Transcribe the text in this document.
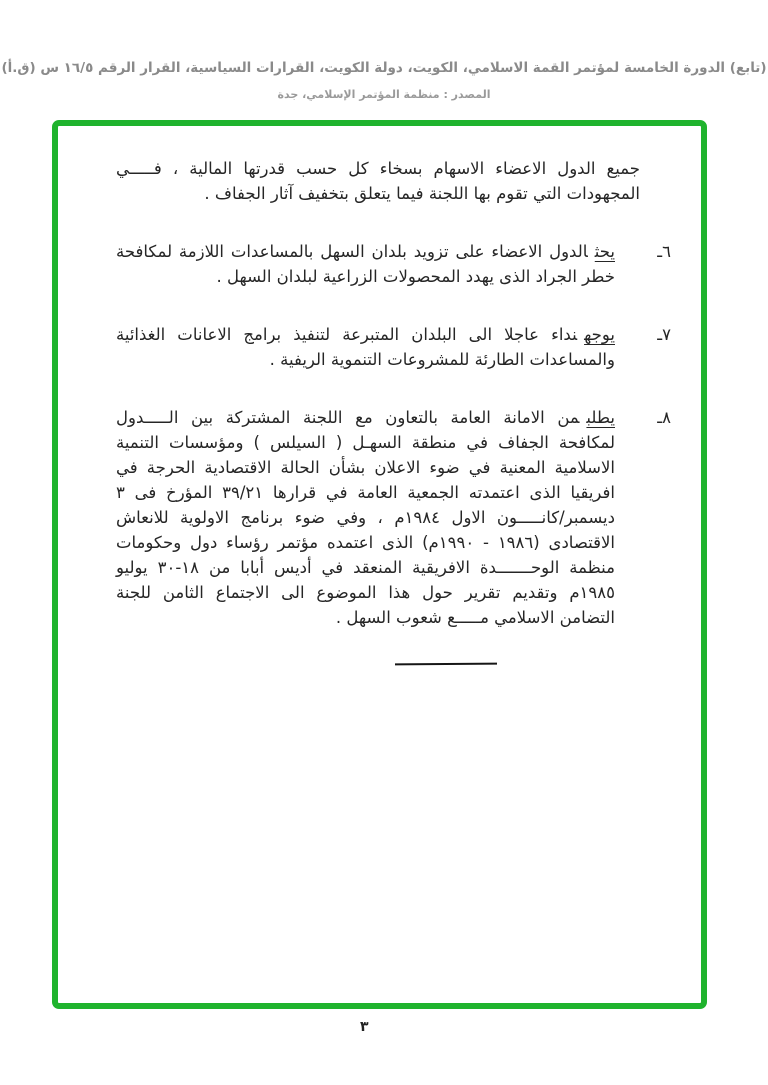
(تابع) الدورة الخامسة لمؤتمر القمة الاسلامي، الكويت، دولة الكويت، القرارات السياسية، القرار الرقم ١٦/٥ س (ق.أ)
المصدر : منظمة المؤتمر الإسلامي، جدة
جميع الدول الاعضاء الاسهام بسخاء كل حسب قدرتها المالية ، فـــــي المجهودات التي تقوم بها اللجنة فيما يتعلق بتخفيف آثار الجفاف .
٦ـ
يحثالدول الاعضاء على تزويد بلدان السهل بالمساعدات اللازمة لمكافحة خطر الجراد الذى يهدد المحصولات الزراعية لبلدان السهل .
٧ـ
يوجهنداء عاجلا الى البلدان المتبرعة لتنفيذ برامج الاعانات الغذائية والمساعدات الطارئة للمشروعات التنموية الريفية .
٨ـ
يطلبمن الامانة العامة بالتعاون مع اللجنة المشتركة بين الـــــدول لمكافحة الجفاف في منطقة السهـل ( السيلس ) ومؤسسات التنمية الاسلامية المعنية في ضوء الاعلان بشأن الحالة الاقتصادية الحرجة في افريقيا الذى اعتمدته الجمعية العامة في قرارها ٣٩/٢١ المؤرخ فى ٣ ديسمبر/كانـــــون الاول ١٩٨٤م ، وفي ضوء برنامج الاولوية للانعاش الاقتصادى (١٩٨٦ - ١٩٩٠م) الذى اعتمده مؤتمر رؤساء دول وحكومات منظمة الوحـــــــدة الافريقية المنعقد في أديس أبابا من ١٨-٣٠ يوليو ١٩٨٥م وتقديم تقرير حول هذا الموضوع الى الاجتماع الثامن للجنة التضامن الاسلامي مـــــع شعوب السهل .
٣
